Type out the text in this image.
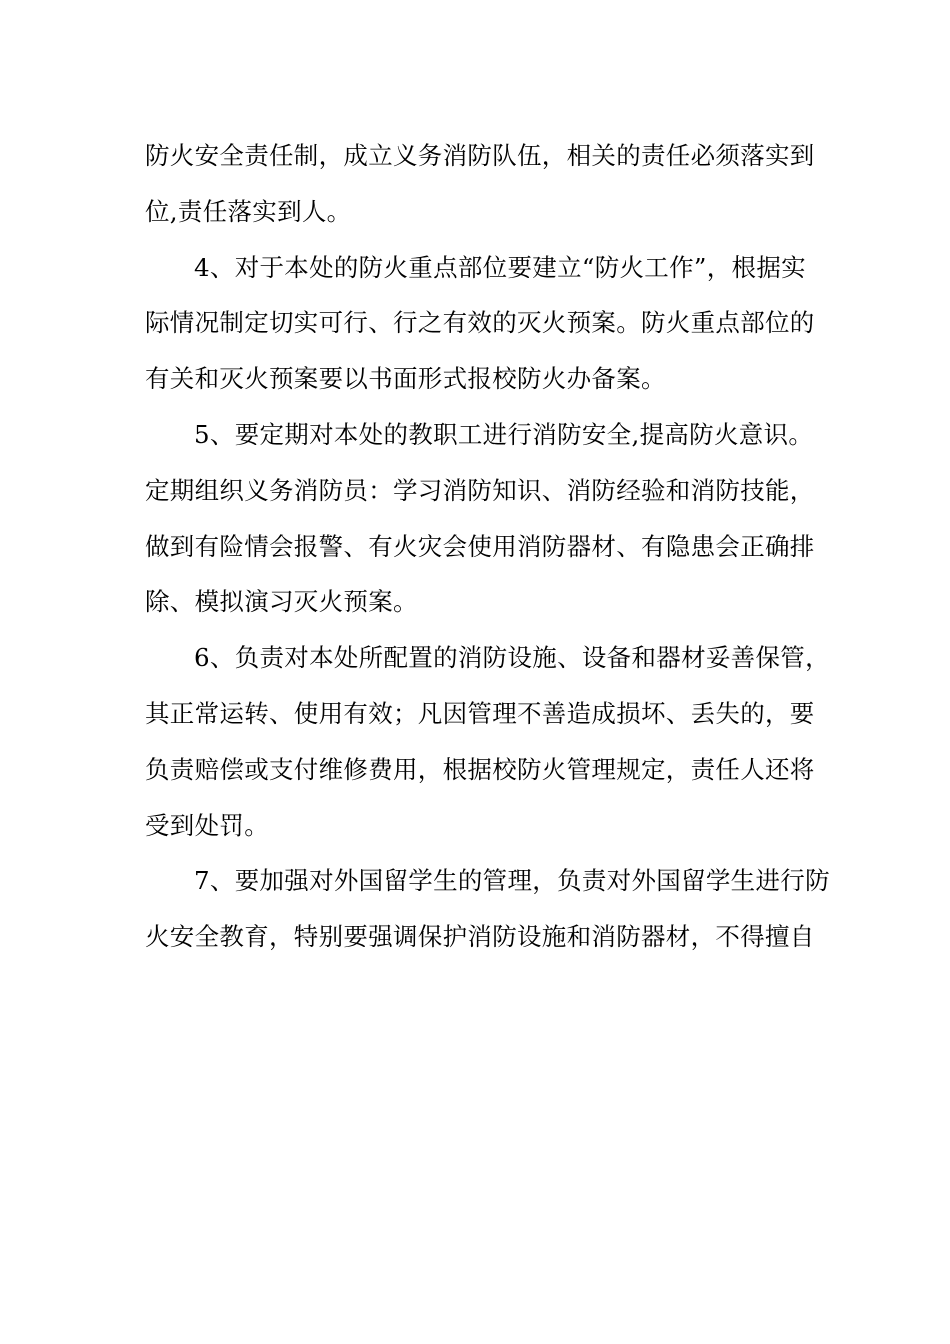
防火安全责任制，成立义务消防队伍，相关的责任必须落实到
位,责任落实到人。
4、对于本处的防火重点部位要建立“防火工作”，根据实
际情况制定切实可行、行之有效的灭火预案。防火重点部位的
有关和灭火预案要以书面形式报校防火办备案。
5、要定期对本处的教职工进行消防安全,提高防火意识。
定期组织义务消防员：学习消防知识、消防经验和消防技能，
做到有险情会报警、有火灾会使用消防器材、有隐患会正确排
除、模拟演习灭火预案。
6、负责对本处所配置的消防设施、设备和器材妥善保管，
其正常运转、使用有效；凡因管理不善造成损坏、丢失的，要
负责赔偿或支付维修费用，根据校防火管理规定，责任人还将
受到处罚。
7、要加强对外国留学生的管理，负责对外国留学生进行防
火安全教育，特别要强调保护消防设施和消防器材，不得擅自
